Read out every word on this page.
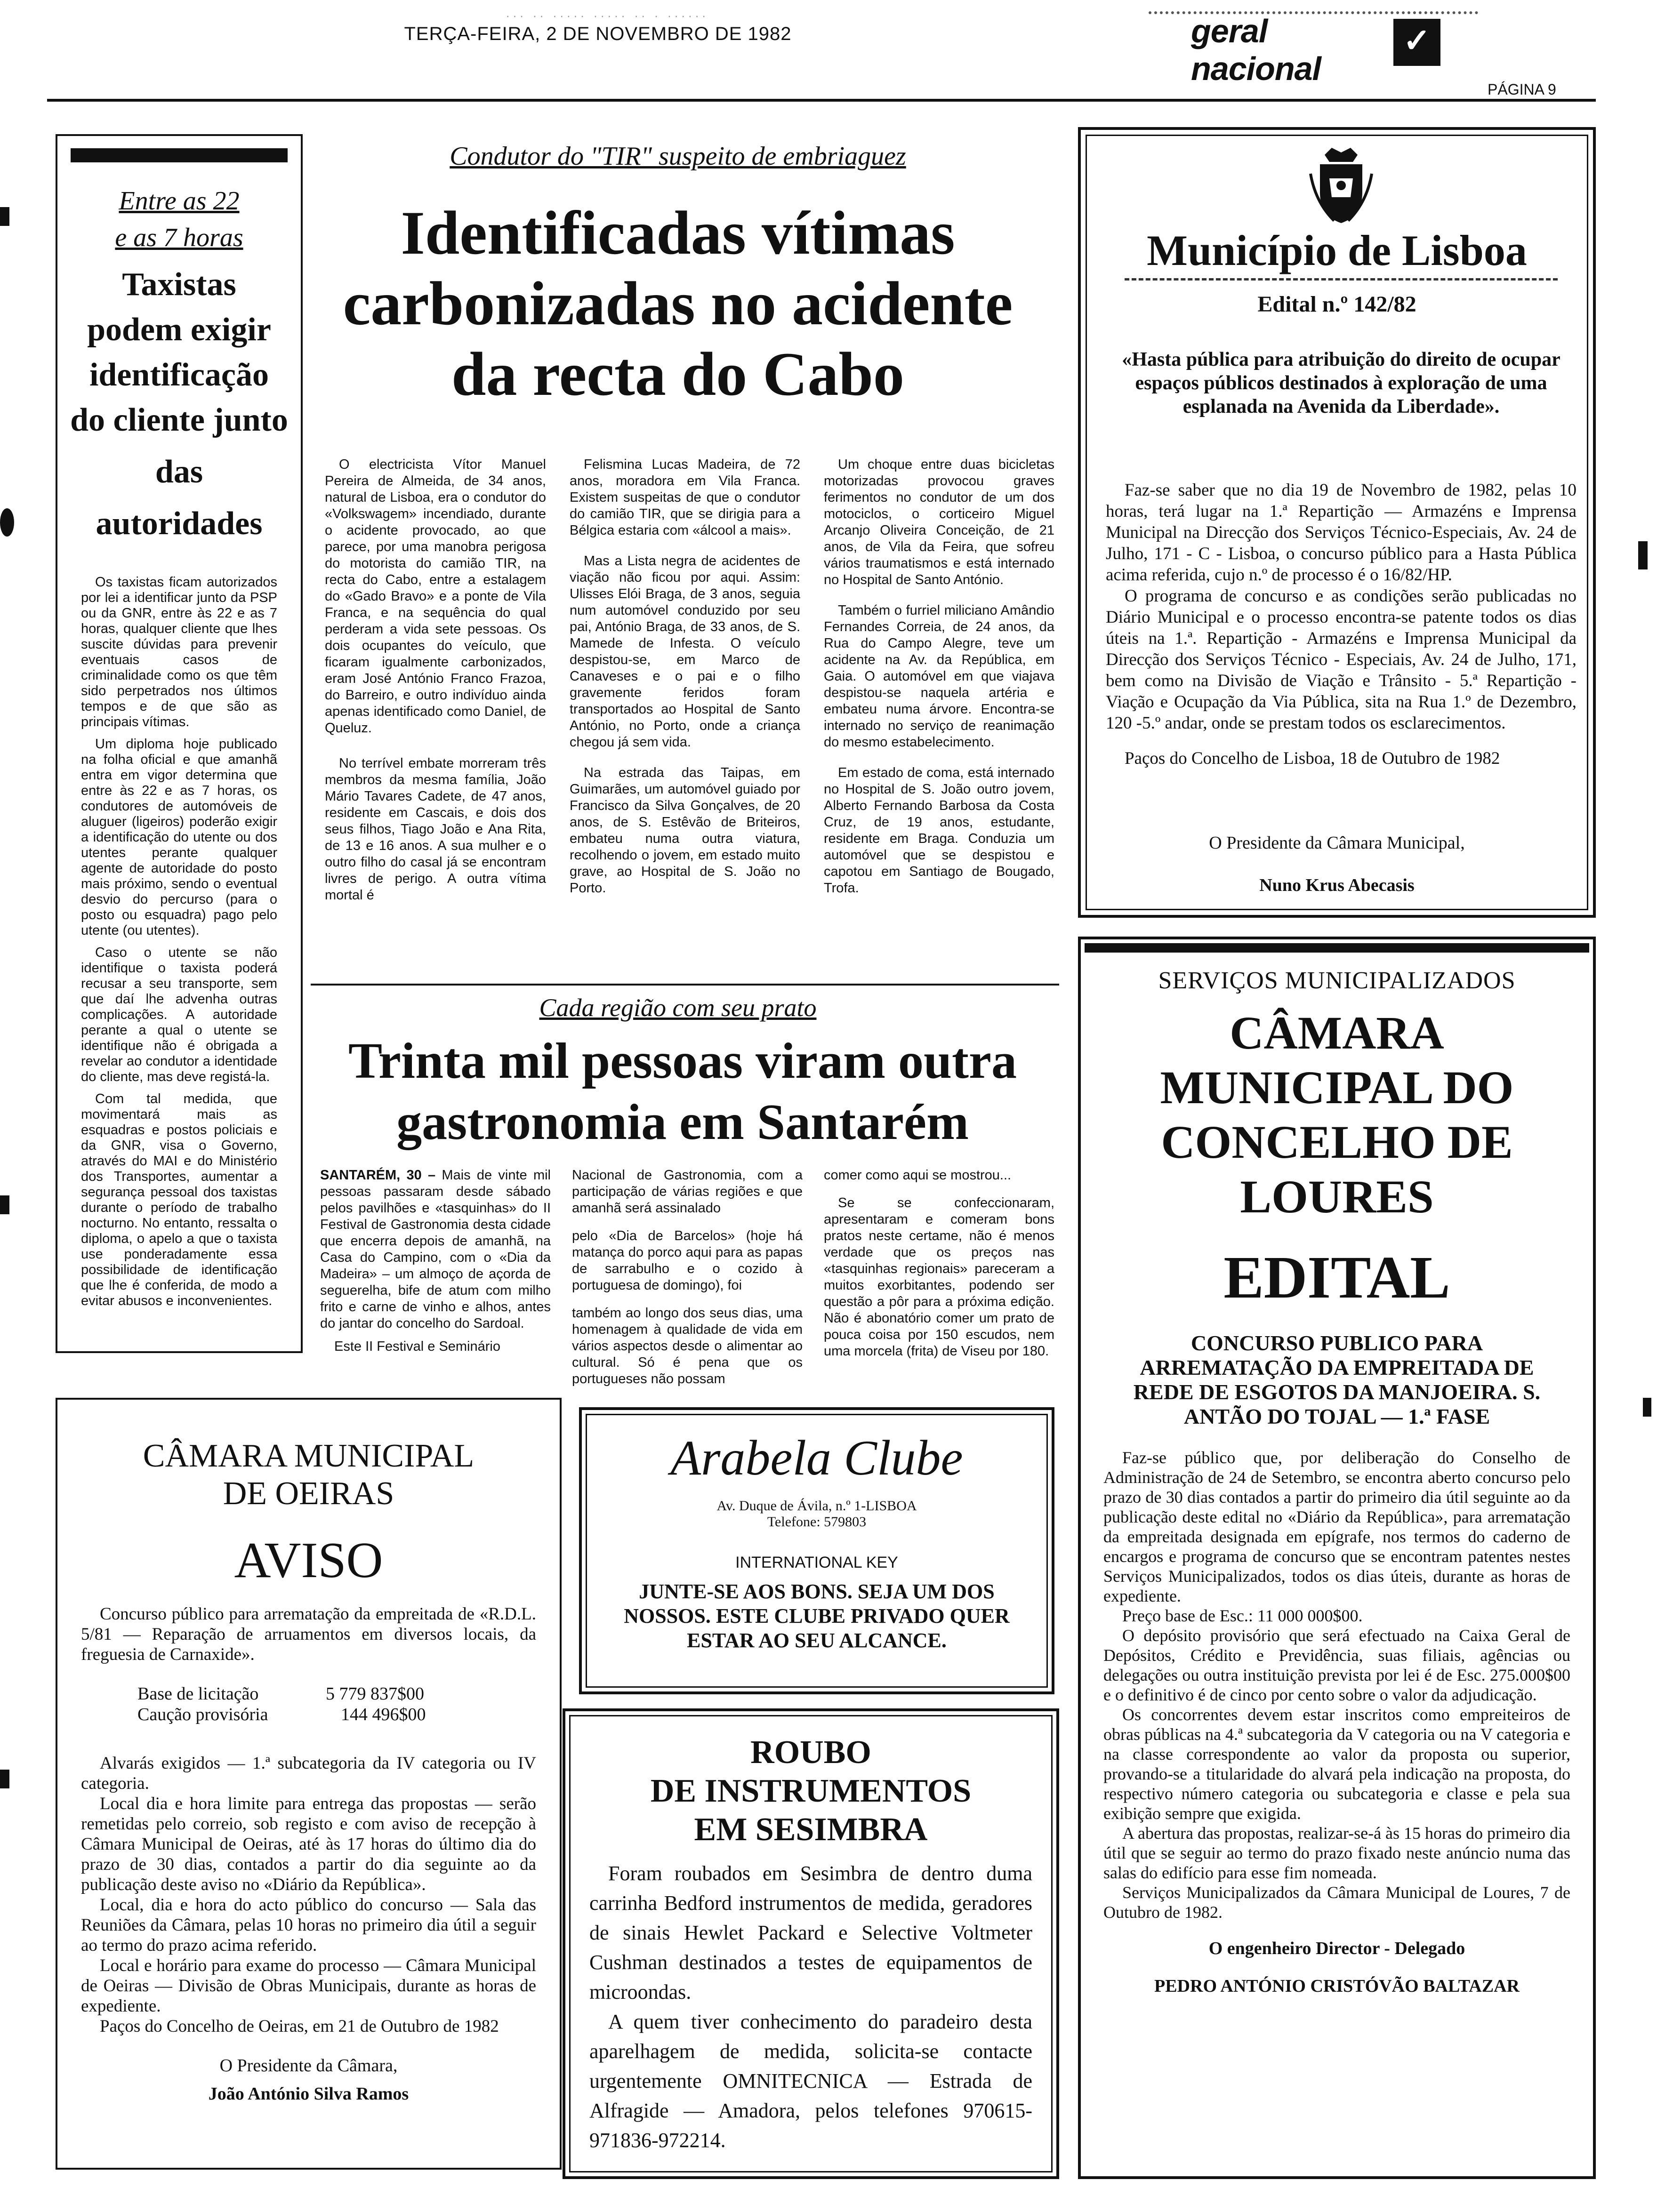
··· ·· ····· ····· ·· · ······
TERÇA-FEIRA, 2 DE NOVEMBRO DE 1982	geral nacional
✓
PÁGINA 9
Entre as 22
e as 7 horas
Taxistas
podem exigir
identificação
do cliente junto
das
autoridades

Os taxistas ficam autorizados por lei a identificar junto da PSP ou da GNR, entre às 22 e as 7 horas, qualquer cliente que lhes suscite dúvidas para prevenir eventuais casos de criminalidade como os que têm sido perpetrados nos últimos tempos e de que são as principais vítimas.

Um diploma hoje publicado na folha oficial e que amanhã entra em vigor determina que entre às 22 e as 7 horas, os condutores de automóveis de aluguer (ligeiros) poderão exigir a identificação do utente ou dos utentes perante qualquer agente de autoridade do posto mais próximo, sendo o eventual desvio do percurso (para o posto ou esquadra) pago pelo utente (ou utentes).

Caso o utente se não identifique o taxista poderá recusar a seu transporte, sem que daí lhe advenha outras complicações. A autoridade perante a qual o utente se identifique não é obrigada a revelar ao condutor a identidade do cliente, mas deve registá-la.

Com tal medida, que movimentará mais as esquadras e postos policiais e da GNR, visa o Governo, através do MAI e do Ministério dos Transportes, aumentar a segurança pessoal dos taxistas durante o período de trabalho nocturno. No entanto, ressalta o diploma, o apelo a que o taxista use ponderadamente essa possibilidade de identificação que lhe é conferida, de modo a evitar abusos e inconvenientes.

Condutor do "TIR" suspeito de embriaguez
Identificadas vítimas
carbonizadas no acidente
da recta do Cabo

O electricista Vítor Manuel Pereira de Almeida, de 34 anos, natural de Lisboa, era o condutor do «Volkswagem» incendiado, durante o acidente provocado, ao que parece, por uma manobra perigosa do motorista do camião TIR, na recta do Cabo, entre a estalagem do «Gado Bravo» e a ponte de Vila Franca, e na sequência do qual perderam a vida sete pessoas. Os dois ocupantes do veículo, que ficaram igualmente carbonizados, eram José António Franco Frazoa, do Barreiro, e outro indivíduo ainda apenas identificado como Daniel, de Queluz.

No terrível embate morreram três membros da mesma família, João Mário Tavares Cadete, de 47 anos, residente em Cascais, e dois dos seus filhos, Tiago João e Ana Rita, de 13 e 16 anos. A sua mulher e o outro filho do casal já se encontram livres de perigo. A outra vítima mortal é

Felismina Lucas Madeira, de 72 anos, moradora em Vila Franca. Existem suspeitas de que o condutor do camião TIR, que se dirigia para a Bélgica estaria com «álcool a mais».

Mas a Lista negra de acidentes de viação não ficou por aqui. Assim: Ulisses Elói Braga, de 3 anos, seguia num automóvel conduzido por seu pai, António Braga, de 33 anos, de S. Mamede de Infesta. O veículo despistou-se, em Marco de Canaveses e o pai e o filho gravemente feridos foram transportados ao Hospital de Santo António, no Porto, onde a criança chegou já sem vida.

Na estrada das Taipas, em Guimarães, um automóvel guiado por Francisco da Silva Gonçalves, de 20 anos, de S. Estêvão de Briteiros, embateu numa outra viatura, recolhendo o jovem, em estado muito grave, ao Hospital de S. João no Porto.

Um choque entre duas bicicletas motorizadas provocou graves ferimentos no condutor de um dos motociclos, o corticeiro Miguel Arcanjo Oliveira Conceição, de 21 anos, de Vila da Feira, que sofreu vários traumatismos e está internado no Hospital de Santo António.

Também o furriel miliciano Amândio Fernandes Correia, de 24 anos, da Rua do Campo Alegre, teve um acidente na Av. da República, em Gaia. O automóvel em que viajava despistou-se naquela artéria e embateu numa árvore. Encontra-se internado no serviço de reanimação do mesmo estabelecimento.

Em estado de coma, está internado no Hospital de S. João outro jovem, Alberto Fernando Barbosa da Costa Cruz, de 19 anos, estudante, residente em Braga. Conduzia um automóvel que se despistou e capotou em Santiago de Bougado, Trofa.

Cada região com seu prato
Trinta mil pessoas viram outra
gastronomia em Santarém

SANTARÉM, 30 – Mais de vinte mil pessoas passaram desde sábado pelos pavilhões e «tasquinhas» do II Festival de Gastronomia desta cidade que encerra depois de amanhã, na Casa do Campino, com o «Dia da Madeira» – um almoço de açorda de seguerelha, bife de atum com milho frito e carne de vinho e alhos, antes do jantar do concelho do Sardoal.

Este II Festival e Seminário

Nacional de Gastronomia, com a participação de várias regiões e que amanhã será assinalado

pelo «Dia de Barcelos» (hoje há matança do porco aqui para as papas de sarrabulho e o cozido à portuguesa de domingo), foi

também ao longo dos seus dias, uma homenagem à qualidade de vida em vários aspectos desde o alimentar ao cultural. Só é pena que os portugueses não possam

comer como aqui se mostrou...

Se se confeccionaram, apresentaram e comeram bons pratos neste certame, não é menos verdade que os preços nas «tasquinhas regionais» pareceram a muitos exorbitantes, podendo ser questão a pôr para a próxima edição. Não é abonatório comer um prato de pouca coisa por 150 escudos, nem uma morcela (frita) de Viseu por 180.

Município de Lisboa
Edital n.º 142/82
«Hasta pública para atribuição do direito de ocupar espaços públicos destinados à exploração de uma esplanada na Avenida da Liberdade».

Faz-se saber que no dia 19 de Novembro de 1982, pelas 10 horas, terá lugar na 1.ª Repartição — Armazéns e Imprensa Municipal na Direcção dos Serviços Técnico-Especiais, Av. 24 de Julho, 171 - C - Lisboa, o concurso público para a Hasta Pública acima referida, cujo n.º de processo é o 16/82/HP.

O programa de concurso e as condições serão publicadas no Diário Municipal e o processo encontra-se patente todos os dias úteis na 1.ª. Repartição - Armazéns e Imprensa Municipal da Direcção dos Serviços Técnico - Especiais, Av. 24 de Julho, 171, bem como na Divisão de Viação e Trânsito - 5.ª Repartição - Viação e Ocupação da Via Pública, sita na Rua 1.º de Dezembro, 120 -5.º andar, onde se prestam todos os esclarecimentos.

Paços do Concelho de Lisboa, 18 de Outubro de 1982

O Presidente da Câmara Municipal,
Nuno Krus Abecasis
SERVIÇOS MUNICIPALIZADOS
CÂMARA
MUNICIPAL DO
CONCELHO DE
LOURES
EDITAL
CONCURSO PUBLICO PARA
ARREMATAÇÃO DA EMPREITADA DE
REDE DE ESGOTOS DA MANJOEIRA. S.
ANTÃO DO TOJAL — 1.ª FASE

Faz-se público que, por deliberação do Conselho de Administração de 24 de Setembro, se encontra aberto concurso pelo prazo de 30 dias contados a partir do primeiro dia útil seguinte ao da publicação deste edital no «Diário da República», para arrematação da empreitada designada em epígrafe, nos termos do caderno de encargos e programa de concurso que se encontram patentes nestes Serviços Municipalizados, todos os dias úteis, durante as horas de expediente.

Preço base de Esc.: 11 000 000$00.

O depósito provisório que será efectuado na Caixa Geral de Depósitos, Crédito e Previdência, suas filiais, agências ou delegações ou outra instituição prevista por lei é de Esc. 275.000$00 e o definitivo é de cinco por cento sobre o valor da adjudicação.

Os concorrentes devem estar inscritos como empreiteiros de obras públicas na 4.ª subcategoria da V categoria ou na V categoria e na classe correspondente ao valor da proposta ou superior, provando-se a titularidade do alvará pela indicação na proposta, do respectivo número categoria ou subcategoria e classe e pela sua exibição sempre que exigida.

A abertura das propostas, realizar-se-á às 15 horas do primeiro dia útil que se seguir ao termo do prazo fixado neste anúncio numa das salas do edifício para esse fim nomeada.

Serviços Municipalizados da Câmara Municipal de Loures, 7 de Outubro de 1982.

O engenheiro Director - Delegado
PEDRO ANTÓNIO CRISTÓVÃO BALTAZAR
CÂMARA MUNICIPAL
DE OEIRAS
AVISO

Concurso público para arrematação da empreitada de «R.D.L. 5/81 — Reparação de arruamentos em diversos locais, da freguesia de Carnaxide».

Base de licitação	5 779 837$00
Caução provisória	144 496$00

Alvarás exigidos — 1.ª subcategoria da IV categoria ou IV categoria.

Local dia e hora limite para entrega das propostas — serão remetidas pelo correio, sob registo e com aviso de recepção à Câmara Municipal de Oeiras, até às 17 horas do último dia do prazo de 30 dias, contados a partir do dia seguinte ao da publicação deste aviso no «Diário da República».

Local, dia e hora do acto público do concurso — Sala das Reuniões da Câmara, pelas 10 horas no primeiro dia útil a seguir ao termo do prazo acima referido.

Local e horário para exame do processo — Câmara Municipal de Oeiras — Divisão de Obras Municipais, durante as horas de expediente.

Paços do Concelho de Oeiras, em 21 de Outubro de 1982

O Presidente da Câmara,
João António Silva Ramos
Arabela Clube
Av. Duque de Ávila, n.º 1-LISBOA
Telefone: 579803
INTERNATIONAL KEY
JUNTE-SE AOS BONS. SEJA UM DOS NOSSOS. ESTE CLUBE PRIVADO QUER ESTAR AO SEU ALCANCE.
ROUBO
DE INSTRUMENTOS
EM SESIMBRA

Foram roubados em Sesimbra de dentro duma carrinha Bedford instrumentos de medida, geradores de sinais Hewlet Packard e Selective Voltmeter Cushman destinados a testes de equipamentos de microondas.

A quem tiver conhecimento do paradeiro desta aparelhagem de medida, solicita-se contacte urgentemente OMNITECNICA — Estrada de Alfragide — Amadora, pelos telefones 970615-971836-972214.
